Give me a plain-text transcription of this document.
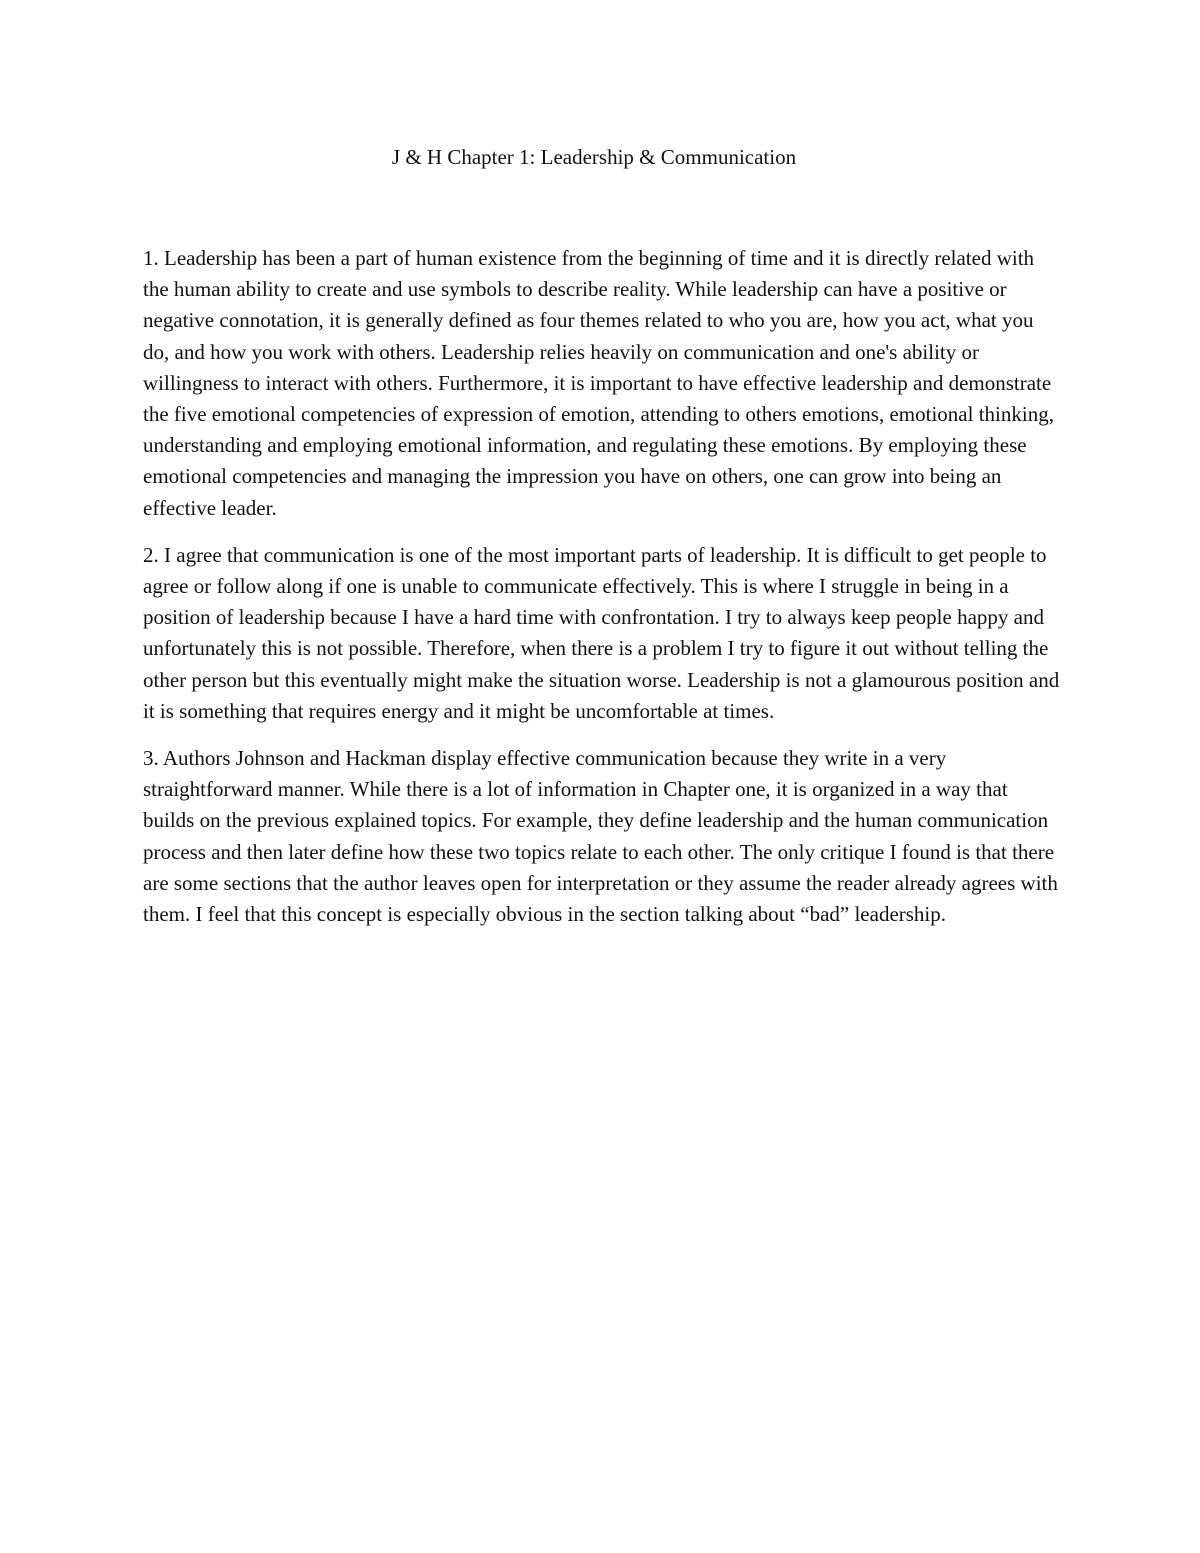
J & H Chapter 1: Leadership & Communication

1. Leadership has been a part of human existence from the beginning of time and it is directly related with the human ability to create and use symbols to describe reality. While leadership can have a positive or negative connotation, it is generally defined as four themes related to who you are, how you act, what you do, and how you work with others. Leadership relies heavily on communication and one's ability or willingness to interact with others. Furthermore, it is important to have effective leadership and demonstrate the five emotional competencies of expression of emotion, attending to others emotions, emotional thinking, understanding and employing emotional information, and regulating these emotions. By employing these emotional competencies and managing the impression you have on others, one can grow into being an effective leader.

2. I agree that communication is one of the most important parts of leadership. It is difficult to get people to agree or follow along if one is unable to communicate effectively. This is where I struggle in being in a position of leadership because I have a hard time with confrontation. I try to always keep people happy and unfortunately this is not possible. Therefore, when there is a problem I try to figure it out without telling the other person but this eventually might make the situation worse. Leadership is not a glamourous position and it is something that requires energy and it might be uncomfortable at times.

3. Authors Johnson and Hackman display effective communication because they write in a very straightforward manner. While there is a lot of information in Chapter one, it is organized in a way that builds on the previous explained topics. For example, they define leadership and the human communication process and then later define how these two topics relate to each other. The only critique I found is that there are some sections that the author leaves open for interpretation or they assume the reader already agrees with them. I feel that this concept is especially obvious in the section talking about “bad” leadership.
